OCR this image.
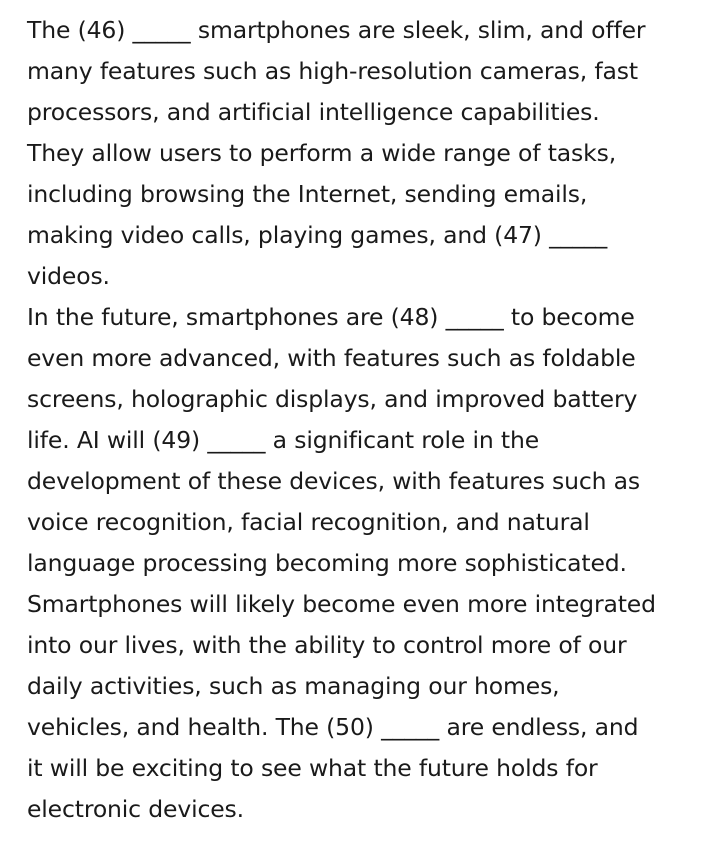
The (46) _____ smartphones are sleek, slim, and offer
many features such as high-resolution cameras, fast
processors, and artificial intelligence capabilities.
They allow users to perform a wide range of tasks,
including browsing the Internet, sending emails,
making video calls, playing games, and (47) _____
videos.

In the future, smartphones are (48) _____ to become
even more advanced, with features such as foldable
screens, holographic displays, and improved battery
life. AI will (49) _____ a significant role in the
development of these devices, with features such as
voice recognition, facial recognition, and natural
language processing becoming more sophisticated.
Smartphones will likely become even more integrated
into our lives, with the ability to control more of our
daily activities, such as managing our homes,
vehicles, and health. The (50) _____ are endless, and
it will be exciting to see what the future holds for
electronic devices.
